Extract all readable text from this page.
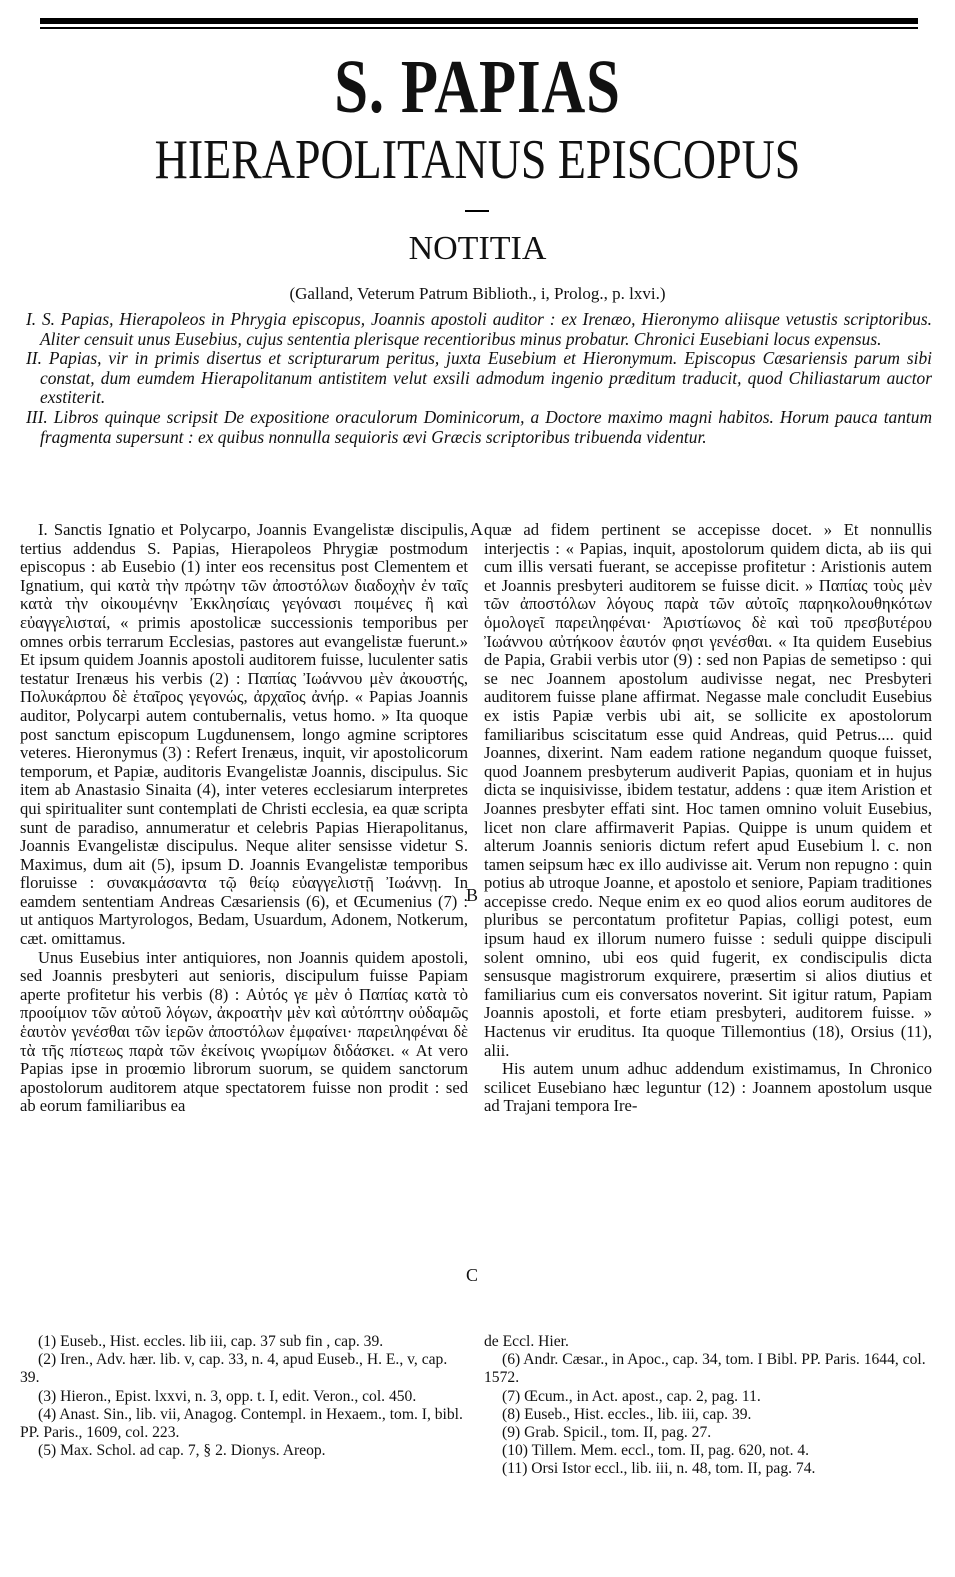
S. PAPIAS
HIERAPOLITANUS EPISCOPUS
NOTITIA
(Galland, Veterum Patrum Biblioth., i, Prolog., p. lxvi.)

I. S. Papias, Hierapoleos in Phrygia episcopus, Joannis apostoli auditor : ex Irenæo, Hieronymo aliisque vetustis scriptoribus. Aliter censuit unus Eusebius, cujus sententia plerisque recentioribus minus probatur. Chronici Eusebiani locus expensus.

II. Papias, vir in primis disertus et scripturarum peritus, juxta Eusebium et Hieronymum. Episcopus Cæsariensis parum sibi constat, dum eumdem Hierapolitanum antistitem velut exsili admodum ingenio præditum traducit, quod Chiliastarum auctor exstiterit.

III. Libros quinque scripsit De expositione oraculorum Dominicorum, a Doctore maximo magni habitos. Horum pauca tantum fragmenta supersunt : ex quibus nonnulla sequioris ævi Græcis scriptoribus tribuenda videntur.

I. Sanctis Ignatio et Polycarpo, Joannis Evangelistæ discipulis, tertius addendus S. Papias, Hierapoleos Phrygiæ postmodum episcopus : ab Eusebio (1) inter eos recensitus post Clementem et Ignatium, qui κατὰ τὴν πρώτην τῶν ἀποστόλων διαδοχὴν ἐν ταῖς κατὰ τὴν οἰκουμένην Ἐκκλησίαις γεγόνασι ποιμένες ἢ καὶ εὐαγγελισταί, « primis apostolicæ successionis temporibus per omnes orbis terrarum Ecclesias, pastores aut evangelistæ fuerunt.» Et ipsum quidem Joannis apostoli auditorem fuisse, luculenter satis testatur Irenæus his verbis (2) : Παπίας Ἰωάννου μὲν ἀκουστής, Πολυκάρπου δὲ ἑταῖρος γεγονώς, ἀρχαῖος ἀνήρ. « Papias Joannis auditor, Polycarpi autem contubernalis, vetus homo. » Ita quoque post sanctum episcopum Lugdunensem, longo agmine scriptores veteres. Hieronymus (3) : Refert Irenæus, inquit, vir apostolicorum temporum, et Papiæ, auditoris Evangelistæ Joannis, discipulus. Sic item ab Anastasio Sinaita (4), inter veteres ecclesiarum interpretes qui spiritualiter sunt contemplati de Christi ecclesia, ea quæ scripta sunt de paradiso, annumeratur et celebris Papias Hierapolitanus, Joannis Evangelistæ discipulus. Neque aliter sensisse videtur S. Maximus, dum ait (5), ipsum D. Joannis Evangelistæ temporibus floruisse : συνακμάσαντα τῷ θείῳ εὐαγγελιστῇ Ἰωάννῃ. In eamdem sententiam Andreas Cæsariensis (6), et Œcumenius (7) : ut antiquos Martyrologos, Bedam, Usuardum, Adonem, Notkerum, cæt. omittamus.

Unus Eusebius inter antiquiores, non Joannis quidem apostoli, sed Joannis presbyteri aut senioris, discipulum fuisse Papiam aperte profitetur his verbis (8) : Αὐτός γε μὲν ὁ Παπίας κατὰ τὸ προοίμιον τῶν αὐτοῦ λόγων, ἀκροατὴν μὲν καὶ αὐτόπτην οὐδαμῶς ἑαυτὸν γενέσθαι τῶν ἱερῶν ἀποστόλων ἐμφαίνει· παρειληφέναι δὲ τὰ τῆς πίστεως παρὰ τῶν ἐκείνοις γνωρίμων διδάσκει. « At vero Papias ipse in proœmio librorum suorum, se quidem sanctorum apostolorum auditorem atque spectatorem fuisse non prodit : sed ab eorum familiaribus ea

A
B
C

quæ ad fidem pertinent se accepisse docet. » Et nonnullis interjectis : « Papias, inquit, apostolorum quidem dicta, ab iis qui cum illis versati fuerant, se accepisse profitetur : Aristionis autem et Joannis presbyteri auditorem se fuisse dicit. » Παπίας τοὺς μὲν τῶν ἀποστόλων λόγους παρὰ τῶν αὐτοῖς παρηκολουθηκότων ὁμολογεῖ παρειληφέναι· Ἀριστίωνος δὲ καὶ τοῦ πρεσβυτέρου Ἰωάννου αὐτήκοον ἑαυτόν φησι γενέσθαι. « Ita quidem Eusebius de Papia, Grabii verbis utor (9) : sed non Papias de semetipso : qui se nec Joannem apostolum audivisse negat, nec Presbyteri auditorem fuisse plane affirmat. Negasse male concludit Eusebius ex istis Papiæ verbis ubi ait, se sollicite ex apostolorum familiaribus sciscitatum esse quid Andreas, quid Petrus.... quid Joannes, dixerint. Nam eadem ratione negandum quoque fuisset, quod Joannem presbyterum audiverit Papias, quoniam et in hujus dicta se inquisivisse, ibidem testatur, addens : quæ item Aristion et Joannes presbyter effati sint. Hoc tamen omnino voluit Eusebius, licet non clare affirmaverit Papias. Quippe is unum quidem et alterum Joannis senioris dictum refert apud Eusebium l. c. non tamen seipsum hæc ex illo audivisse ait. Verum non repugno : quin potius ab utroque Joanne, et apostolo et seniore, Papiam traditiones accepisse credo. Neque enim ex eo quod alios eorum auditores de pluribus se percontatum profitetur Papias, colligi potest, eum ipsum haud ex illorum numero fuisse : seduli quippe discipuli solent omnino, ubi eos quid fugerit, ex condiscipulis dicta sensusque magistrorum exquirere, præsertim si alios diutius et familiarius cum eis conversatos noverint. Sit igitur ratum, Papiam Joannis apostoli, et forte etiam presbyteri, auditorem fuisse. » Hactenus vir eruditus. Ita quoque Tillemontius (18), Orsius (11), alii.

His autem unum adhuc addendum existimamus, In Chronico scilicet Eusebiano hæc leguntur (12) : Joannem apostolum usque ad Trajani tempora Ire-

(1) Euseb., Hist. eccles. lib iii, cap. 37 sub fin , cap. 39.
(2) Iren., Adv. hær. lib. v, cap. 33, n. 4, apud Euseb., H. E., v, cap. 39.
(3) Hieron., Epist. lxxvi, n. 3, opp. t. I, edit. Veron., col. 450.
(4) Anast. Sin., lib. vii, Anagog. Contempl. in Hexaem., tom. I, bibl. PP. Paris., 1609, col. 223.
(5) Max. Schol. ad cap. 7, § 2. Dionys. Areop.
de Eccl. Hier.
(6) Andr. Cæsar., in Apoc., cap. 34, tom. I Bibl. PP. Paris. 1644, col. 1572.
(7) Œcum., in Act. apost., cap. 2, pag. 11.
(8) Euseb., Hist. eccles., lib. iii, cap. 39.
(9) Grab. Spicil., tom. II, pag. 27.
(10) Tillem. Mem. eccl., tom. II, pag. 620, not. 4.
(11) Orsi Istor eccl., lib. iii, n. 48, tom. II, pag. 74.
